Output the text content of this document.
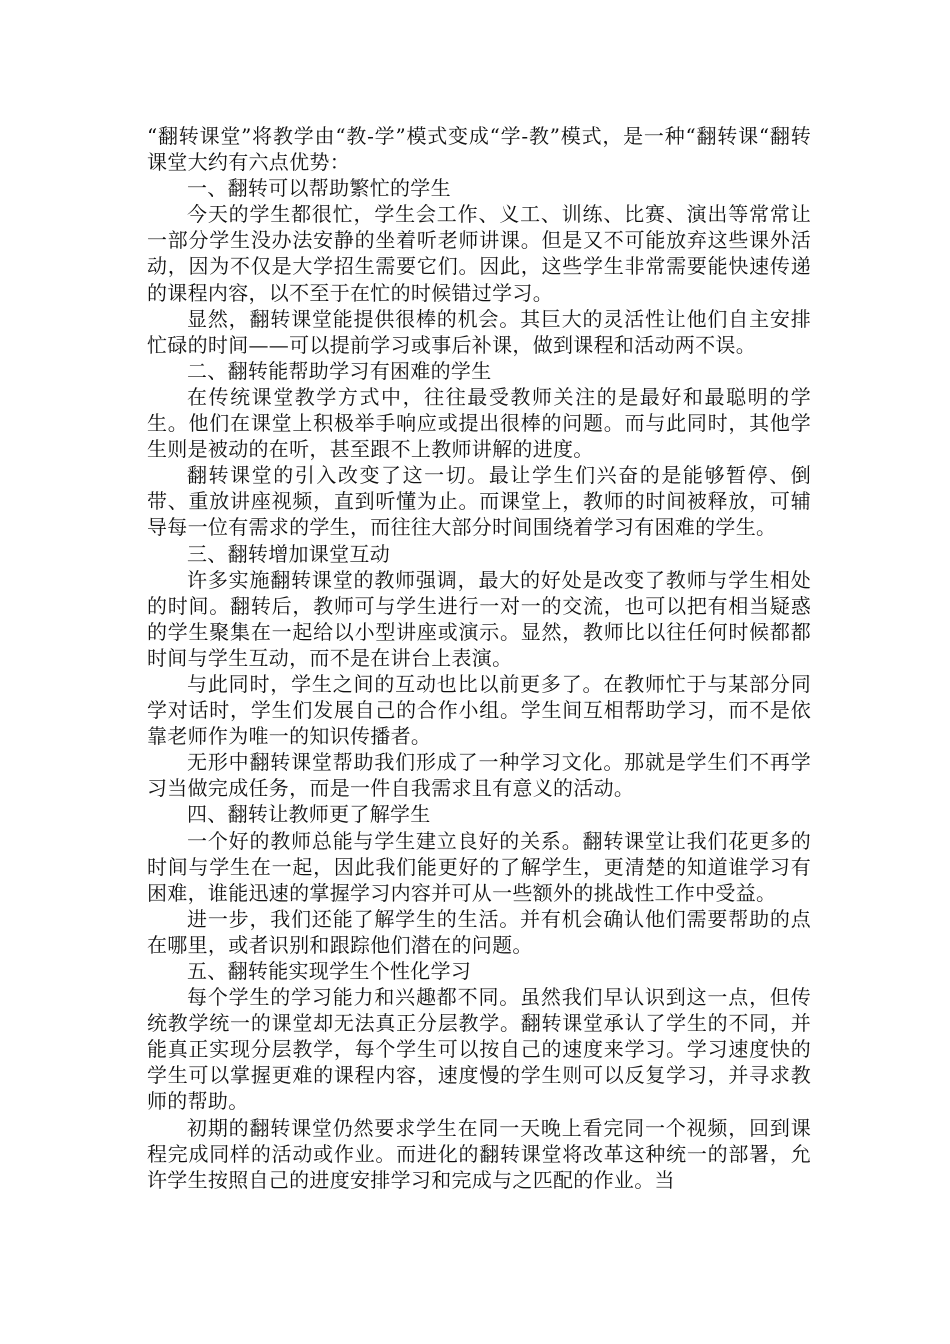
“翻转课堂”将教学由“教-学”模式变成“学-教”模式，是一种“翻转课“翻转课堂大约有六点优势：

一、翻转可以帮助繁忙的学生

今天的学生都很忙，学生会工作、义工、训练、比赛、演出等常常让一部分学生没办法安静的坐着听老师讲课。但是又不可能放弃这些课外活动，因为不仅是大学招生需要它们。因此，这些学生非常需要能快速传递的课程内容，以不至于在忙的时候错过学习。

显然，翻转课堂能提供很棒的机会。其巨大的灵活性让他们自主安排忙碌的时间——可以提前学习或事后补课，做到课程和活动两不误。

二、翻转能帮助学习有困难的学生

在传统课堂教学方式中，往往最受教师关注的是最好和最聪明的学生。他们在课堂上积极举手响应或提出很棒的问题。而与此同时，其他学生则是被动的在听，甚至跟不上教师讲解的进度。

翻转课堂的引入改变了这一切。最让学生们兴奋的是能够暂停、倒带、重放讲座视频，直到听懂为止。而课堂上，教师的时间被释放，可辅导每一位有需求的学生，而往往大部分时间围绕着学习有困难的学生。

三、翻转增加课堂互动

许多实施翻转课堂的教师强调，最大的好处是改变了教师与学生相处的时间。翻转后，教师可与学生进行一对一的交流，也可以把有相当疑惑的学生聚集在一起给以小型讲座或演示。显然，教师比以往任何时候都都时间与学生互动，而不是在讲台上表演。

与此同时，学生之间的互动也比以前更多了。在教师忙于与某部分同学对话时，学生们发展自己的合作小组。学生间互相帮助学习，而不是依靠老师作为唯一的知识传播者。

无形中翻转课堂帮助我们形成了一种学习文化。那就是学生们不再学习当做完成任务，而是一件自我需求且有意义的活动。

四、翻转让教师更了解学生

一个好的教师总能与学生建立良好的关系。翻转课堂让我们花更多的时间与学生在一起，因此我们能更好的了解学生，更清楚的知道谁学习有困难，谁能迅速的掌握学习内容并可从一些额外的挑战性工作中受益。

进一步，我们还能了解学生的生活。并有机会确认他们需要帮助的点在哪里，或者识别和跟踪他们潜在的问题。

五、翻转能实现学生个性化学习

每个学生的学习能力和兴趣都不同。虽然我们早认识到这一点，但传统教学统一的课堂却无法真正分层教学。翻转课堂承认了学生的不同，并能真正实现分层教学，每个学生可以按自己的速度来学习。学习速度快的学生可以掌握更难的课程内容，速度慢的学生则可以反复学习，并寻求教师的帮助。

初期的翻转课堂仍然要求学生在同一天晚上看完同一个视频，回到课程完成同样的活动或作业。而进化的翻转课堂将改革这种统一的部署，允许学生按照自己的进度安排学习和完成与之匹配的作业。当
